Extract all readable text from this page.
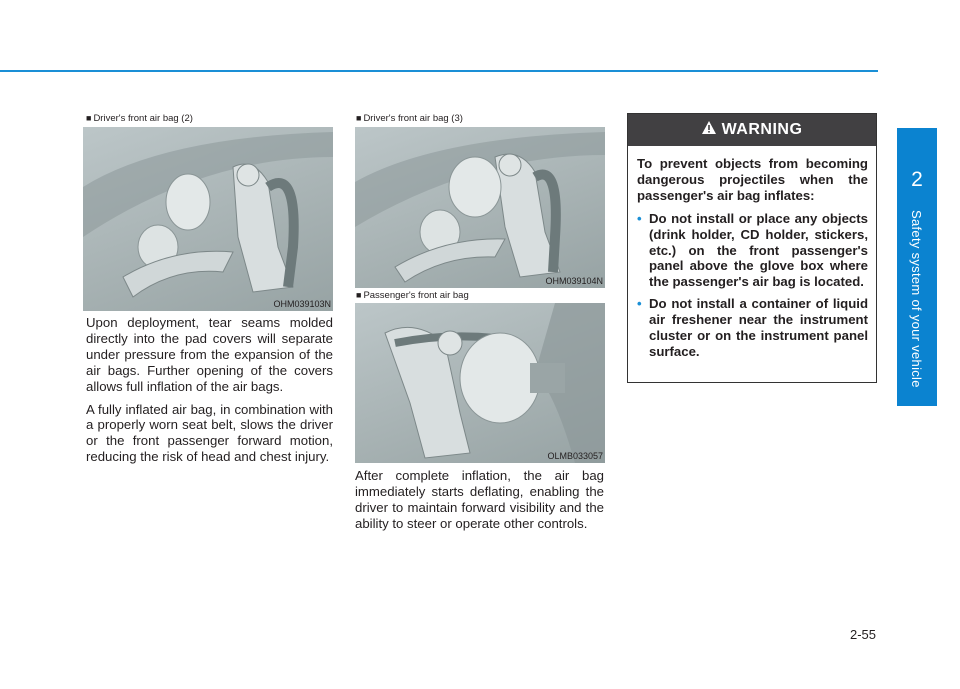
2
Safety system of your vehicle
■ Driver's front air bag (2)
OHM039103N

Upon deployment, tear seams molded directly into the pad covers will separate under pressure from the expansion of the air bags. Further opening of the covers allows full inflation of the air bags.

A fully inflated air bag, in combination with a properly worn seat belt, slows the driver or the front passenger forward motion, reducing the risk of head and chest injury.

■ Driver's front air bag (3)
OHM039104N
■ Passenger's front air bag
OLMB033057

After complete inflation, the air bag immediately starts deflating, enabling the driver to maintain forward visibility and the ability to steer or operate other controls.

WARNING

To prevent objects from becoming dangerous projectiles when the passenger's air bag inflates:

• Do not install or place any objects (drink holder, CD holder, stickers, etc.) on the front passenger's panel above the glove box where the passenger's air bag is located.
• Do not install a container of liquid air freshener near the instrument cluster or on the instrument panel surface.
2-55
